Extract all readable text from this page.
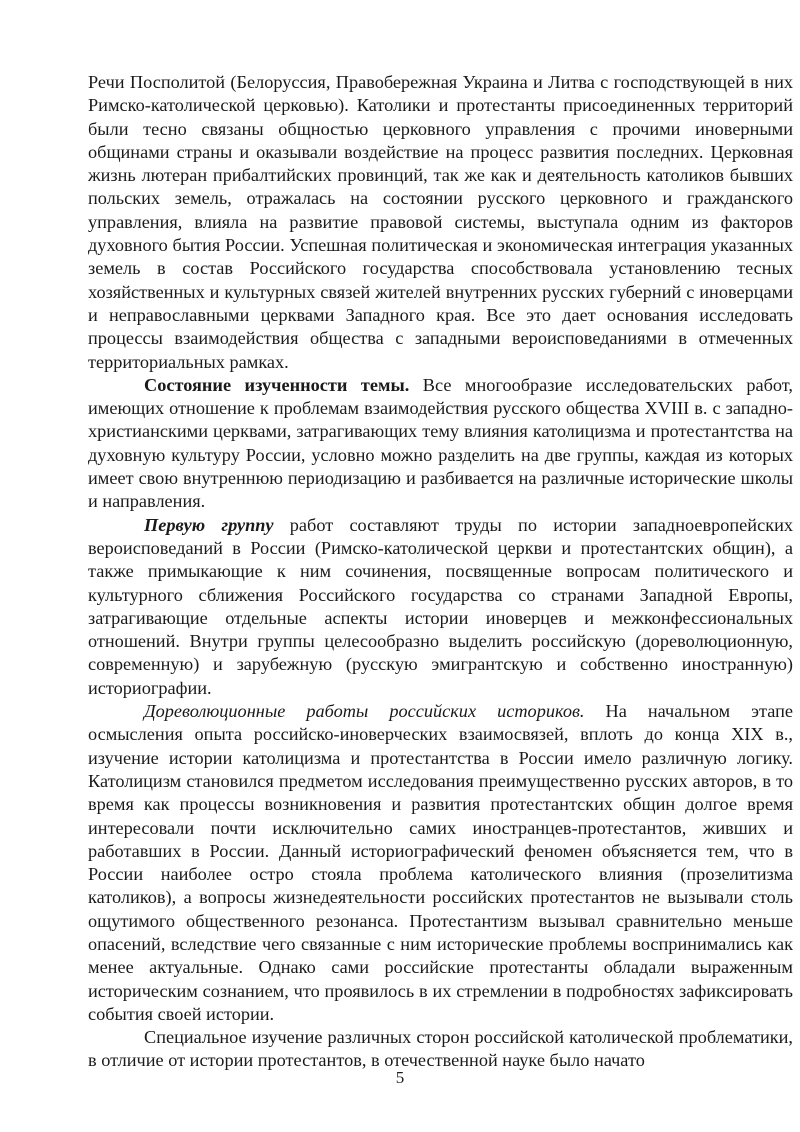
Речи Посполитой (Белоруссия, Правобережная Украина и Литва с господствующей в них Римско-католической церковью). Католики и протестанты присоединенных территорий были тесно связаны общностью церковного управления с прочими иноверными общинами страны и оказывали воздействие на процесс развития последних. Церковная жизнь лютеран прибалтийских провинций, так же как и деятельность католиков бывших польских земель, отражалась на состоянии русского церковного и гражданского управления, влияла на развитие правовой системы, выступала одним из факторов духовного бытия России. Успешная политическая и экономическая интеграция указанных земель в состав Российского государства способствовала установлению тесных хозяйственных и культурных связей жителей внутренних русских губерний с иноверцами и неправославными церквами Западного края. Все это дает основания исследовать процессы взаимодействия общества с западными вероисповеданиями в отмеченных территориальных рамках.

Состояние изученности темы. Все многообразие исследовательских работ, имеющих отношение к проблемам взаимодействия русского общества XVIII в. с западно-христианскими церквами, затрагивающих тему влияния католицизма и протестантства на духовную культуру России, условно можно разделить на две группы, каждая из которых имеет свою внутреннюю периодизацию и разбивается на различные исторические школы и направления.

Первую группу работ составляют труды по истории западноевропейских вероисповеданий в России (Римско-католической церкви и протестантских общин), а также примыкающие к ним сочинения, посвященные вопросам политического и культурного сближения Российского государства со странами Западной Европы, затрагивающие отдельные аспекты истории иноверцев и межконфессиональных отношений. Внутри группы целесообразно выделить российскую (дореволюционную, современную) и зарубежную (русскую эмигрантскую и собственно иностранную) историографии.

Дореволюционные работы российских историков. На начальном этапе осмысления опыта российско-иноверческих взаимосвязей, вплоть до конца XIX в., изучение истории католицизма и протестантства в России имело различную логику. Католицизм становился предметом исследования преимущественно русских авторов, в то время как процессы возникновения и развития протестантских общин долгое время интересовали почти исключительно самих иностранцев-протестантов, живших и работавших в России. Данный историографический феномен объясняется тем, что в России наиболее остро стояла проблема католического влияния (прозелитизма католиков), а вопросы жизнедеятельности российских протестантов не вызывали столь ощутимого общественного резонанса. Протестантизм вызывал сравнительно меньше опасений, вследствие чего связанные с ним исторические проблемы воспринимались как менее актуальные. Однако сами российские протестанты обладали выраженным историческим сознанием, что проявилось в их стремлении в подробностях зафиксировать события своей истории.

Специальное изучение различных сторон российской католической проблематики, в отличие от истории протестантов, в отечественной науке было начато

5
